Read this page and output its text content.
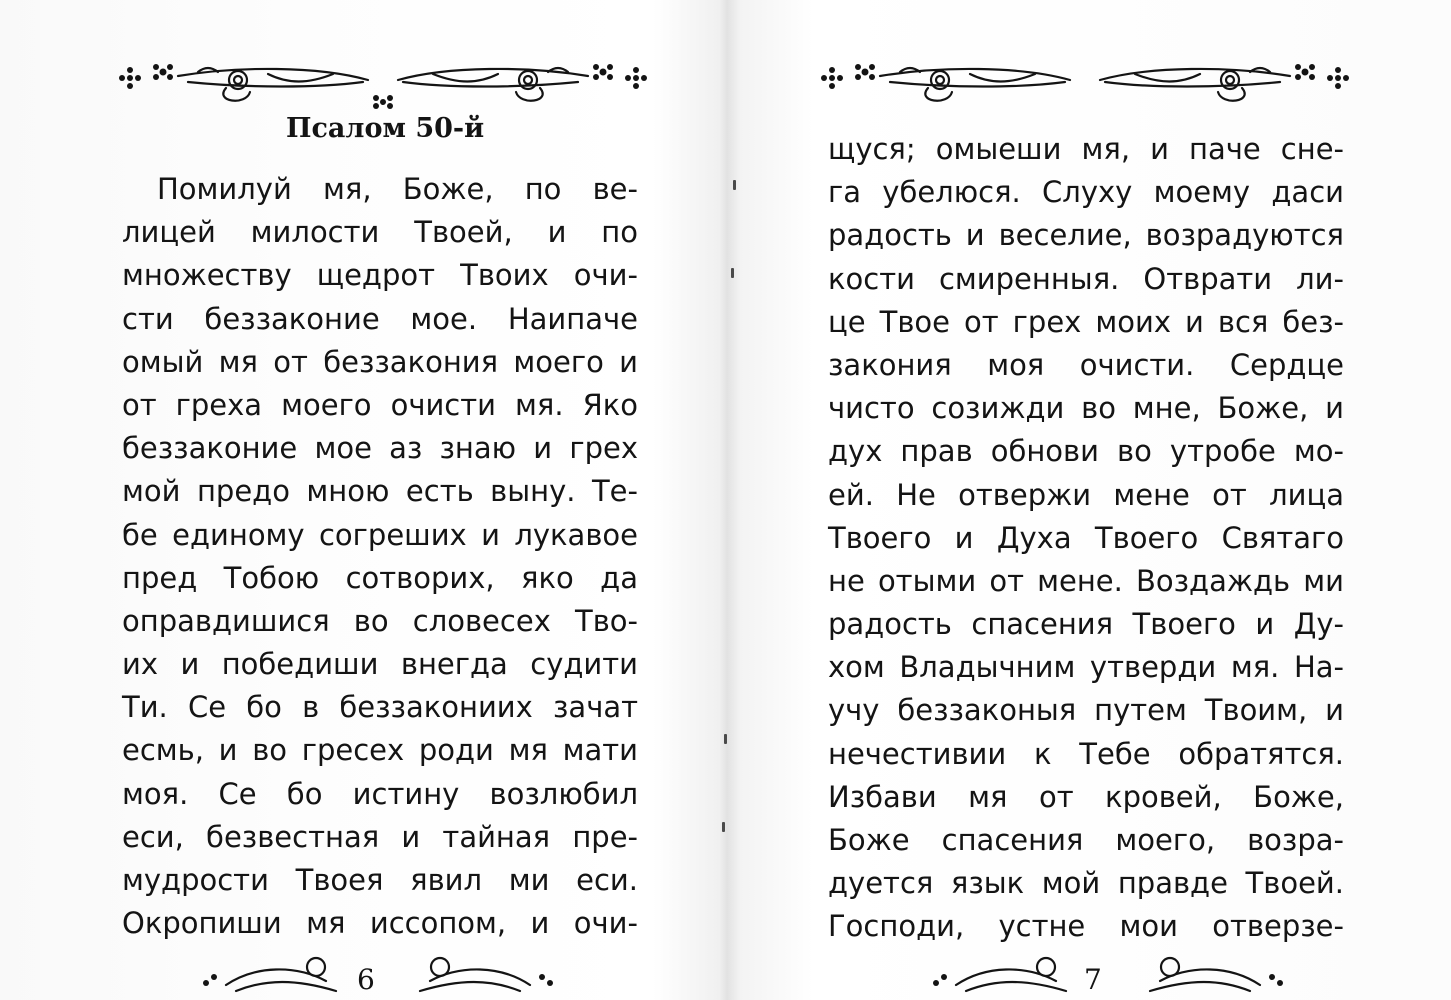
Псалом 50-й
Помилуй мя, Боже, по ве-
лицей милости Твоей, и по
множеству щедрот Твоих очи-
сти беззаконие мое. Наипаче
омый мя от беззакония моего и
от греха моего очисти мя. Яко
беззаконие мое аз знаю и грех
мой предо мною есть выну. Те-
бе единому согреших и лукавое
пред Тобою сотворих, яко да
оправдишися во словесех Тво-
их и победиши внегда судити
Ти. Се бо в беззакониих зачат
есмь, и во гресех роди мя мати
моя. Се бо истину возлюбил
еси, безвестная и тайная пре-
мудрости Твоея явил ми еси.
Окропиши мя иссопом, и очи-
6
щуся; омыеши мя, и паче сне-
га убелюся. Слуху моему даси
радость и веселие, возрадуются
кости смиренныя. Отврати ли-
це Твое от грех моих и вся без-
закония моя очисти. Сердце
чисто созижди во мне, Боже, и
дух прав обнови во утробе мо-
ей. Не отвержи мене от лица
Твоего и Духа Твоего Святаго
не отыми от мене. Воздаждь ми
радость спасения Твоего и Ду-
хом Владычним утверди мя. На-
учу беззаконыя путем Твоим, и
нечестивии к Тебе обратятся.
Избави мя от кровей, Боже,
Боже спасения моего, возра-
дуется язык мой правде Твоей.
Господи, устне мои отверзе-
7
